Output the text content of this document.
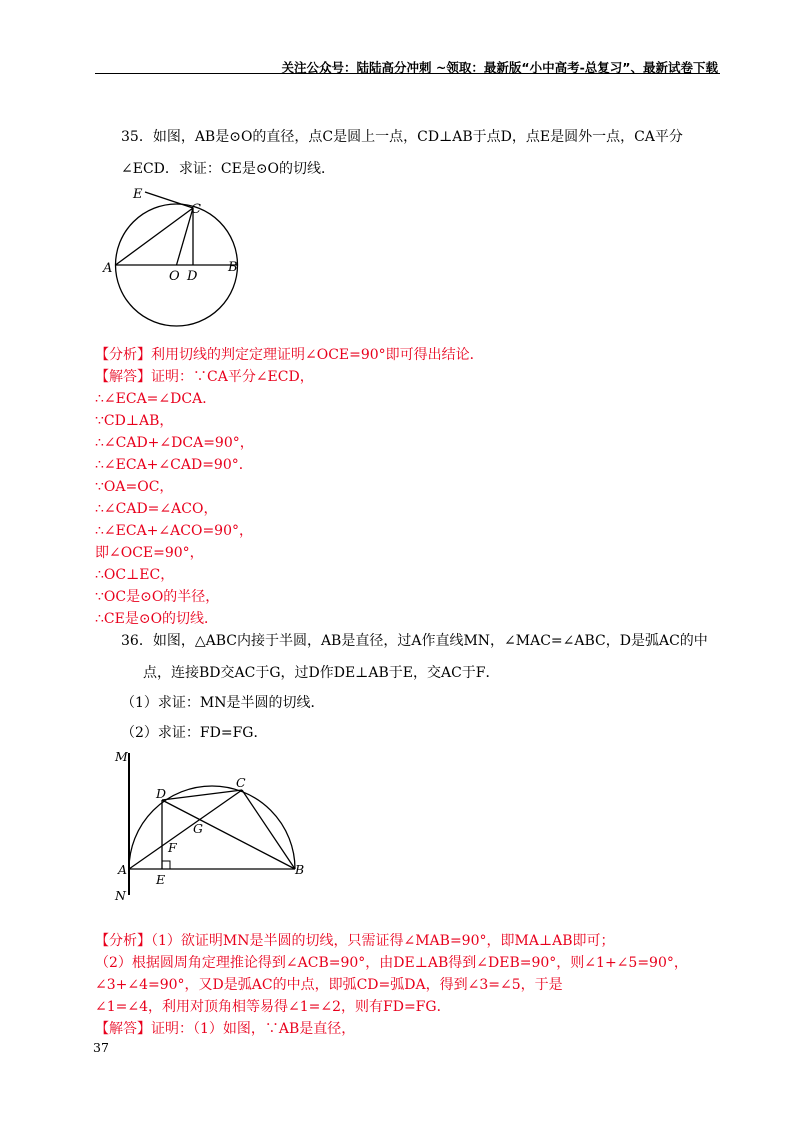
关注公众号：陆陆高分冲刺 ~领取：最新版“小中高考-总复习”、最新试卷下载
35．如图，AB是⊙O的直径，点C是圆上一点，CD⊥AB于点D，点E是圆外一点，CA平分
∠ECD．求证：CE是⊙O的切线．
E
C
A
O D
B
【分析】利用切线的判定定理证明∠OCE=90°即可得出结论．
【解答】证明：∵CA平分∠ECD，
∴∠ECA=∠DCA．
∵CD⊥AB，
∴∠CAD+∠DCA=90°，
∴∠ECA+∠CAD=90°．
∵OA=OC，
∴∠CAD=∠ACO，
∴∠ECA+∠ACO=90°，
即∠OCE=90°，
∴OC⊥EC，
∵OC是⊙O的半径，
∴CE是⊙O的切线．
36．如图，△ABC内接于半圆，AB是直径，过A作直线MN，∠MAC=∠ABC，D是弧AC的中
点，连接BD交AC于G，过D作DE⊥AB于E，交AC于F．
（1）求证：MN是半圆的切线．
（2）求证：FD=FG．
M
D
C
G
F
A
E
B
N
【分析】（1）欲证明MN是半圆的切线，只需证得∠MAB=90°，即MA⊥AB即可；
（2）根据圆周角定理推论得到∠ACB=90°，由DE⊥AB得到∠DEB=90°，则∠1+∠5=90°，
∠3+∠4=90°，又D是弧AC的中点，即弧CD=弧DA，得到∠3=∠5，于是
∠1=∠4，利用对顶角相等易得∠1=∠2，则有FD=FG．
【解答】证明：（1）如图，∵AB是直径，
37
